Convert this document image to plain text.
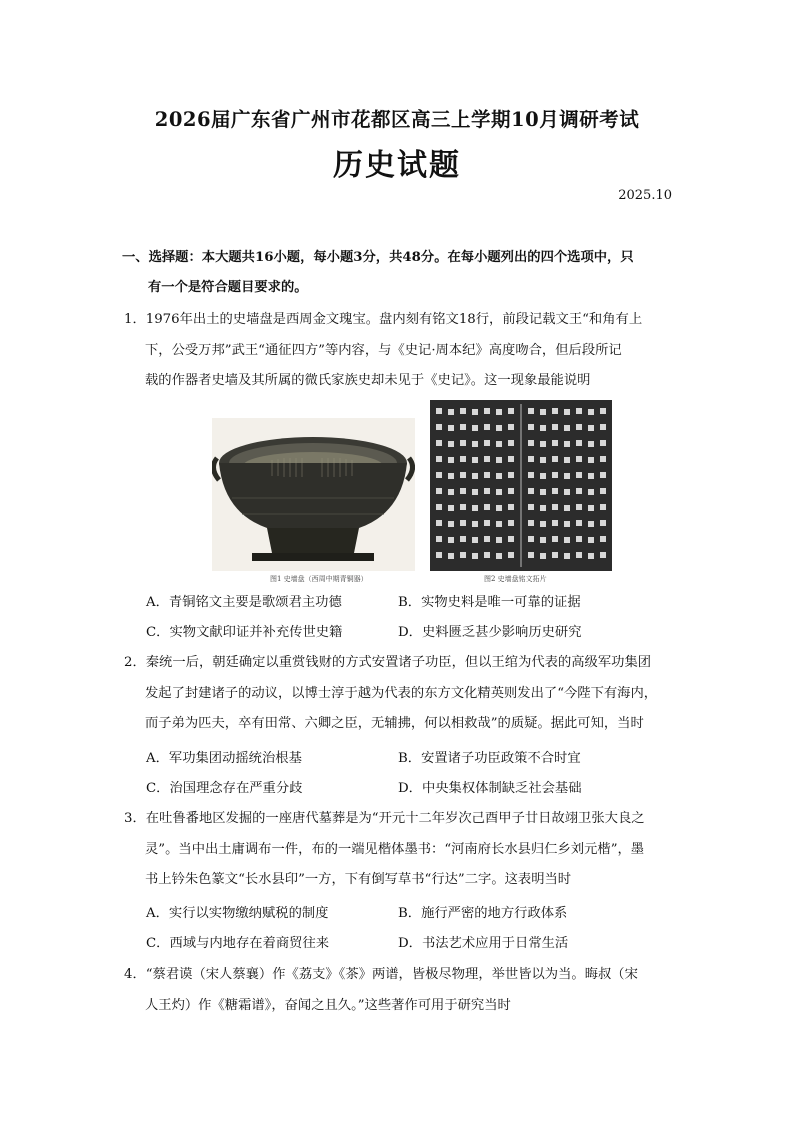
2026届广东省广州市花都区高三上学期10月调研考试
历史试题
2025.10
一、选择题：本大题共16小题，每小题3分，共48分。在每小题列出的四个选项中，只
有一个是符合题目要求的。
1．1976年出土的史墙盘是西周金文瑰宝。盘内刻有铭文18行，前段记载文王“和角有上
下，公受万邦”武王“通征四方”等内容，与《史记·周本纪》高度吻合，但后段所记
载的作器者史墙及其所属的微氏家族史却未见于《史记》。这一现象最能说明
图1 史墙盘（西周中期青铜器）	图2 史墙盘铭文拓片
A．青铜铭文主要是歌颂君主功德	B．实物史料是唯一可靠的证据
C．实物文献印证并补充传世史籍	D．史料匮乏甚少影响历史研究
2．秦统一后，朝廷确定以重赏钱财的方式安置诸子功臣，但以王绾为代表的高级军功集团
发起了封建诸子的动议，以博士淳于越为代表的东方文化精英则发出了“今陛下有海内，
而子弟为匹夫，卒有田常、六卿之臣，无辅拂，何以相救哉”的质疑。据此可知，当时
A．军功集团动摇统治根基	B．安置诸子功臣政策不合时宜
C．治国理念存在严重分歧	D．中央集权体制缺乏社会基础
3．在吐鲁番地区发掘的一座唐代墓葬是为“开元十二年岁次己酉甲子廿日故翊卫张大良之
灵”。当中出土庸调布一件，布的一端见楷体墨书：“河南府长水县归仁乡刘元楷”，墨
书上钤朱色篆文“长水县印”一方，下有倒写草书“行达”二字。这表明当时
A．实行以实物缴纳赋税的制度	B．施行严密的地方行政体系
C．西域与内地存在着商贸往来	D．书法艺术应用于日常生活
4．“蔡君谟（宋人蔡襄）作《荔支》《茶》两谱，皆极尽物理，举世皆以为当。晦叔（宋
人王灼）作《糖霜谱》，奋闻之且久。”这些著作可用于研究当时
